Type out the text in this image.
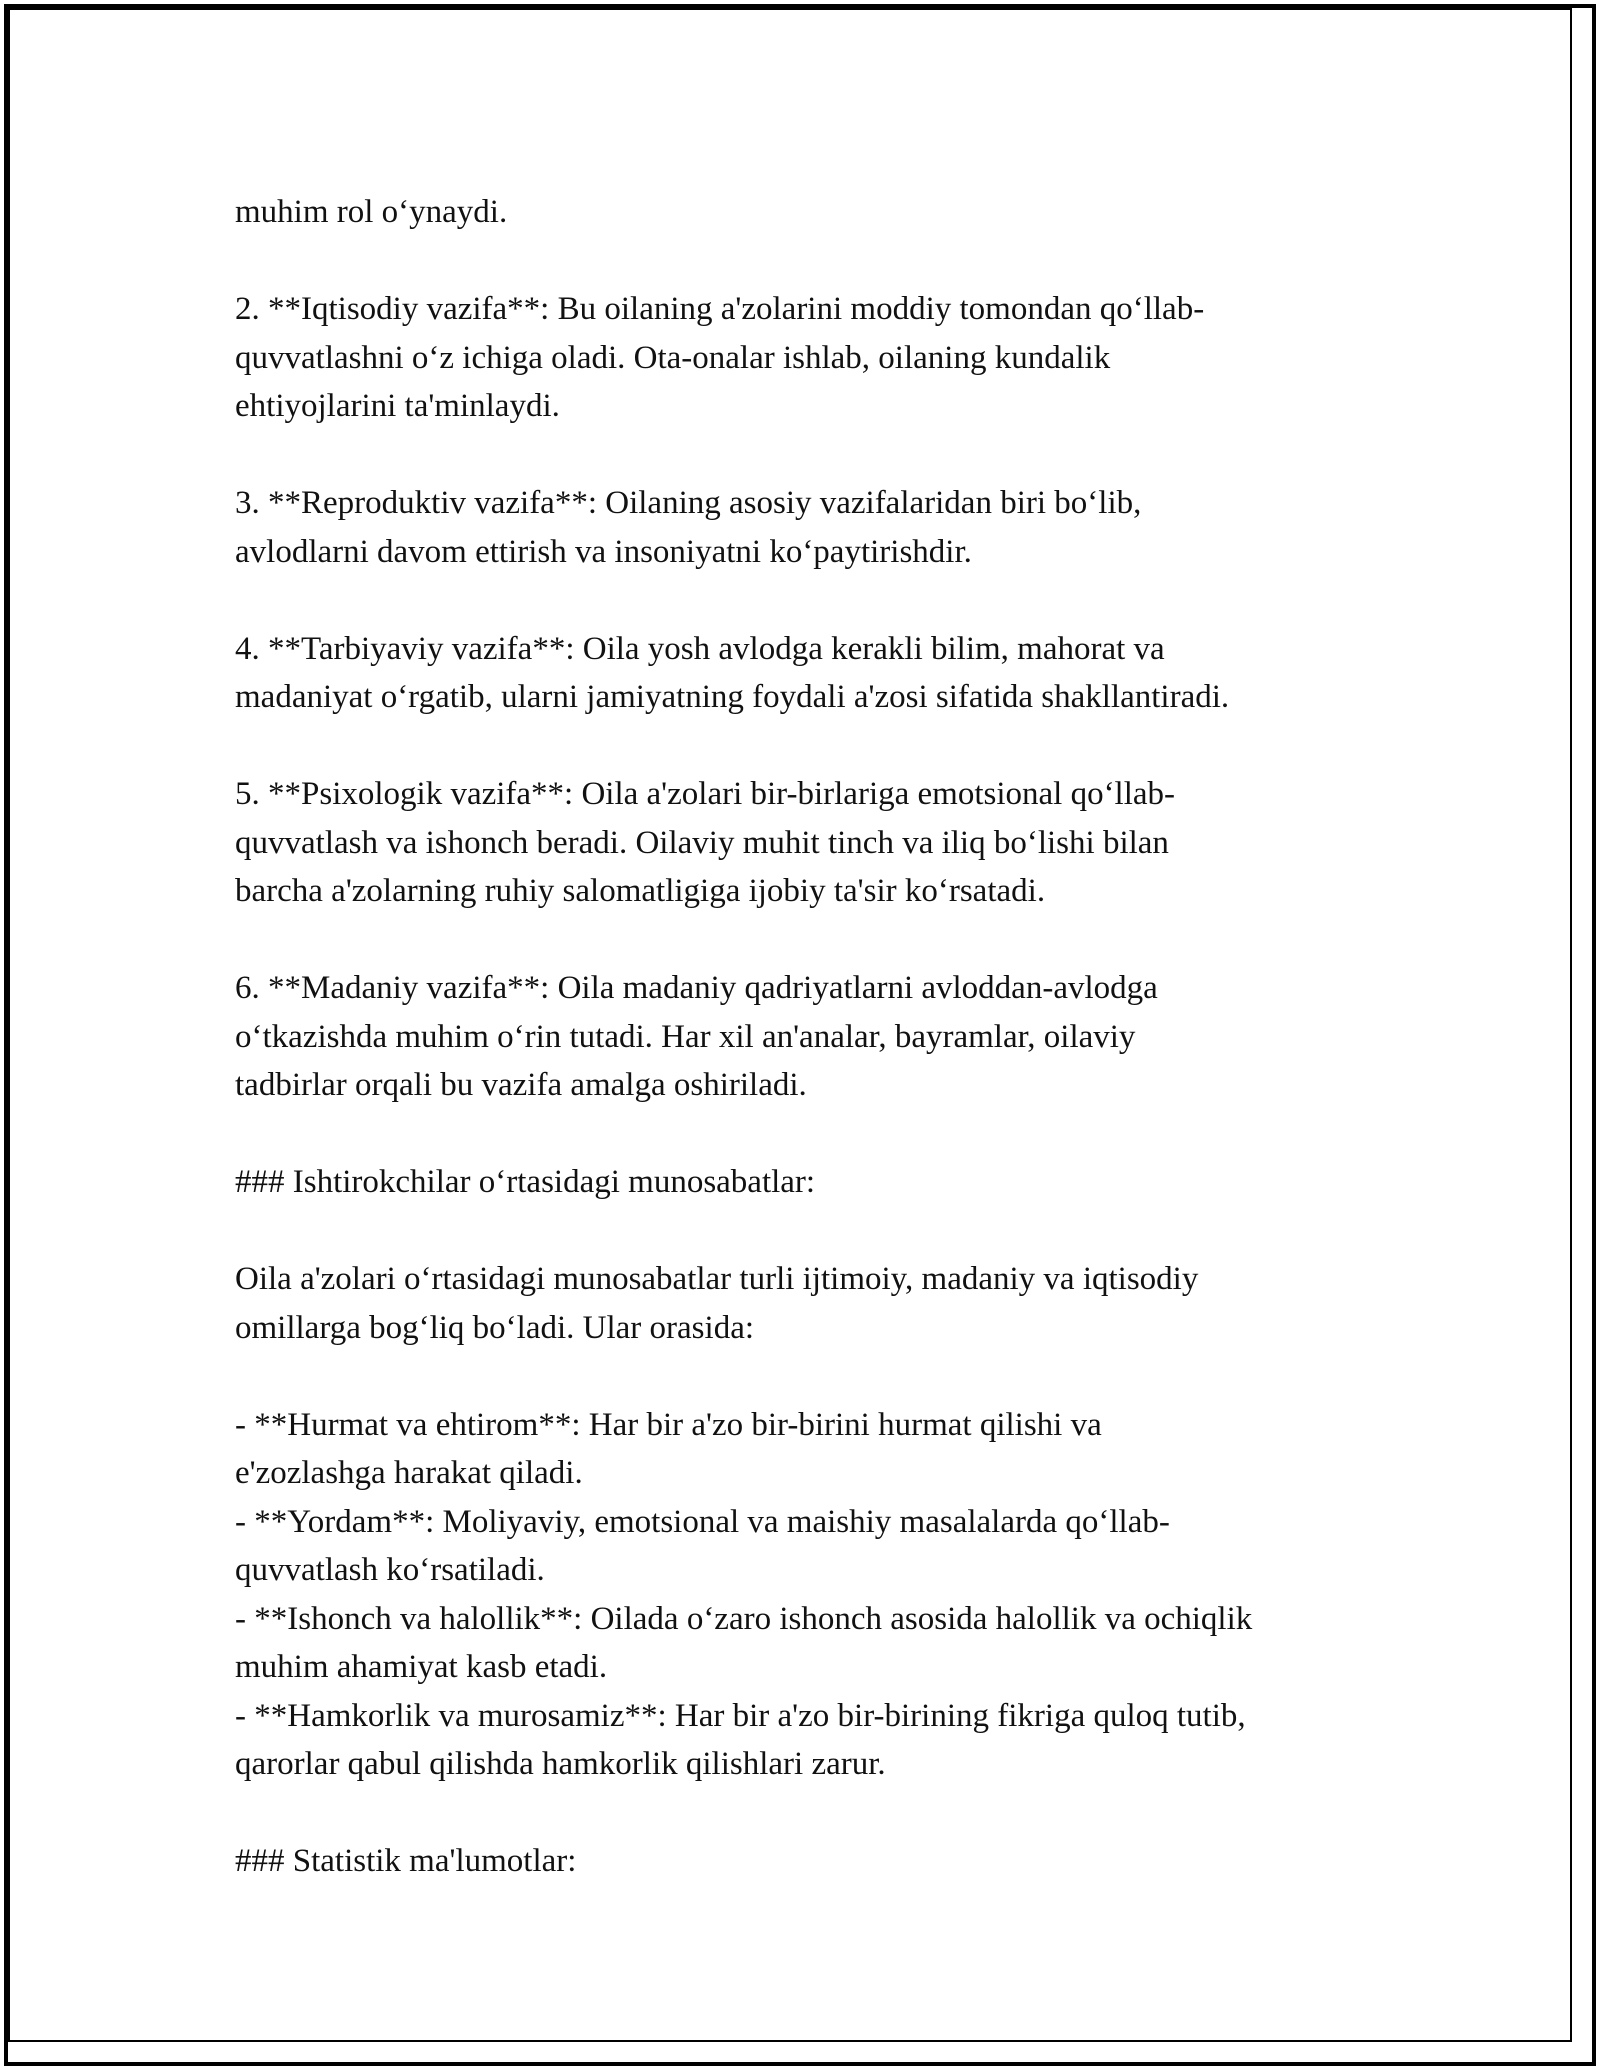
muhim rol o‘ynaydi.
2. **Iqtisodiy vazifa**: Bu oilaning a'zolarini moddiy tomondan qo‘llab-
quvvatlashni o‘z ichiga oladi. Ota-onalar ishlab, oilaning kundalik
ehtiyojlarini ta'minlaydi.
3. **Reproduktiv vazifa**: Oilaning asosiy vazifalaridan biri bo‘lib,
avlodlarni davom ettirish va insoniyatni ko‘paytirishdir.
4. **Tarbiyaviy vazifa**: Oila yosh avlodga kerakli bilim, mahorat va
madaniyat o‘rgatib, ularni jamiyatning foydali a'zosi sifatida shakllantiradi.
5. **Psixologik vazifa**: Oila a'zolari bir-birlariga emotsional qo‘llab-
quvvatlash va ishonch beradi. Oilaviy muhit tinch va iliq bo‘lishi bilan
barcha a'zolarning ruhiy salomatligiga ijobiy ta'sir ko‘rsatadi.
6. **Madaniy vazifa**: Oila madaniy qadriyatlarni avloddan-avlodga
o‘tkazishda muhim o‘rin tutadi. Har xil an'analar, bayramlar, oilaviy
tadbirlar orqali bu vazifa amalga oshiriladi.
### Ishtirokchilar o‘rtasidagi munosabatlar:
Oila a'zolari o‘rtasidagi munosabatlar turli ijtimoiy, madaniy va iqtisodiy
omillarga bog‘liq bo‘ladi. Ular orasida:
- **Hurmat va ehtirom**: Har bir a'zo bir-birini hurmat qilishi va
e'zozlashga harakat qiladi.
- **Yordam**: Moliyaviy, emotsional va maishiy masalalarda qo‘llab-
quvvatlash ko‘rsatiladi.
- **Ishonch va halollik**: Oilada o‘zaro ishonch asosida halollik va ochiqlik
muhim ahamiyat kasb etadi.
- **Hamkorlik va murosamiz**: Har bir a'zo bir-birining fikriga quloq tutib,
qarorlar qabul qilishda hamkorlik qilishlari zarur.
### Statistik ma'lumotlar:
